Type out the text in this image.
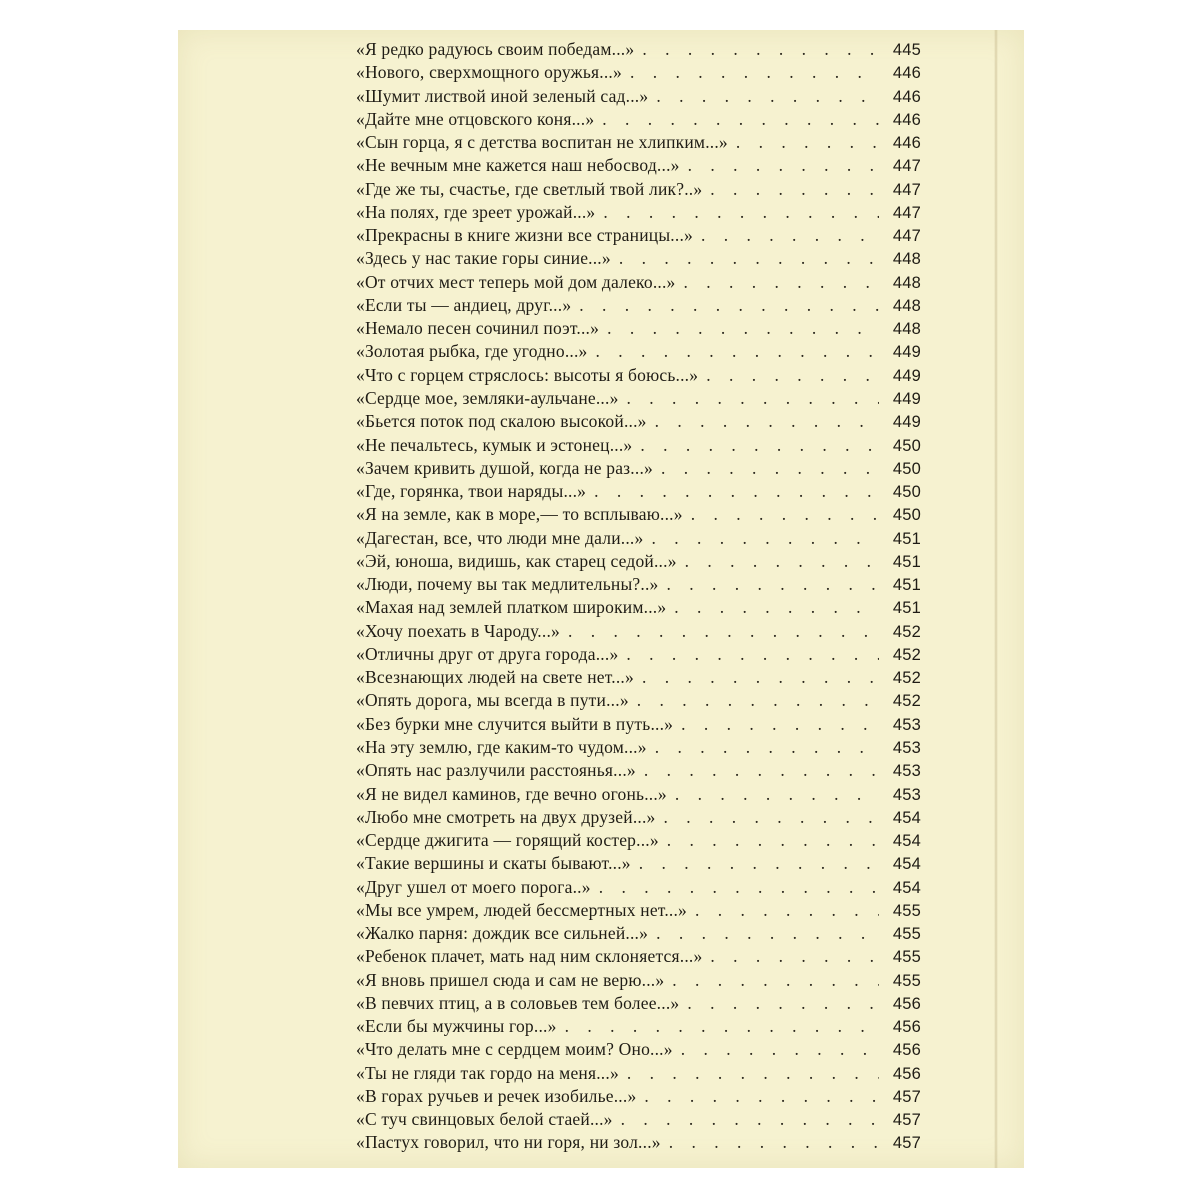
«Я редко радуюсь своим победам...» . . .	445
«Нового, сверхмощного оружья...» . . .	446
«Шумит листвой иной зеленый сад...» . . .	446
«Дайте мне отцовского коня...» . . .	446
«Сын горца, я с детства воспитан не хлипким...» . . .	446
«Не вечным мне кажется наш небосвод...» . . .	447
«Где же ты, счастье, где светлый твой лик?..» . . .	447
«На полях, где зреет урожай...» . . .	447
«Прекрасны в книге жизни все страницы...» . . .	447
«Здесь у нас такие горы синие...» . . .	448
«От отчих мест теперь мой дом далеко...» . . .	448
«Если ты — андиец, друг...» . . .	448
«Немало песен сочинил поэт...» . . .	448
«Золотая рыбка, где угодно...» . . .	449
«Что с горцем стряслось: высоты я боюсь...» . . .	449
«Сердце мое, земляки-аульчане...» . . .	449
«Бьется поток под скалою высокой...» . . .	449
«Не печальтесь, кумык и эстонец...» . . .	450
«Зачем кривить душой, когда не раз...» . . .	450
«Где, горянка, твои наряды...» . . .	450
«Я на земле, как в море,— то всплываю...» . . .	450
«Дагестан, все, что люди мне дали...» . . .	451
«Эй, юноша, видишь, как старец седой...» . . .	451
«Люди, почему вы так медлительны?..» . . .	451
«Махая над землей платком широким...» . . .	451
«Хочу поехать в Чароду...» . . .	452
«Отличны друг от друга города...» . . .	452
«Всезнающих людей на свете нет...» . . .	452
«Опять дорога, мы всегда в пути...» . . .	452
«Без бурки мне случится выйти в путь...» . . .	453
«На эту землю, где каким-то чудом...» . . .	453
«Опять нас разлучили расстоянья...» . . .	453
«Я не видел каминов, где вечно огонь...» . . .	453
«Любо мне смотреть на двух друзей...» . . .	454
«Сердце джигита — горящий костер...» . . .	454
«Такие вершины и скаты бывают...» . . .	454
«Друг ушел от моего порога..» . . .	454
«Мы все умрем, людей бессмертных нет...» . . .	455
«Жалко парня: дождик все сильней...» . . .	455
«Ребенок плачет, мать над ним склоняется...» . . .	455
«Я вновь пришел сюда и сам не верю...» . . .	455
«В певчих птиц, а в соловьев тем более...» . . .	456
«Если бы мужчины гор...» . . .	456
«Что делать мне с сердцем моим? Оно...» . . .	456
«Ты не гляди так гордо на меня...» . . .	456
«В горах ручьев и речек изобилье...» . . .	457
«С туч свинцовых белой стаей...» . . .	457
«Пастух говорил, что ни горя, ни зол...» . . .	457
